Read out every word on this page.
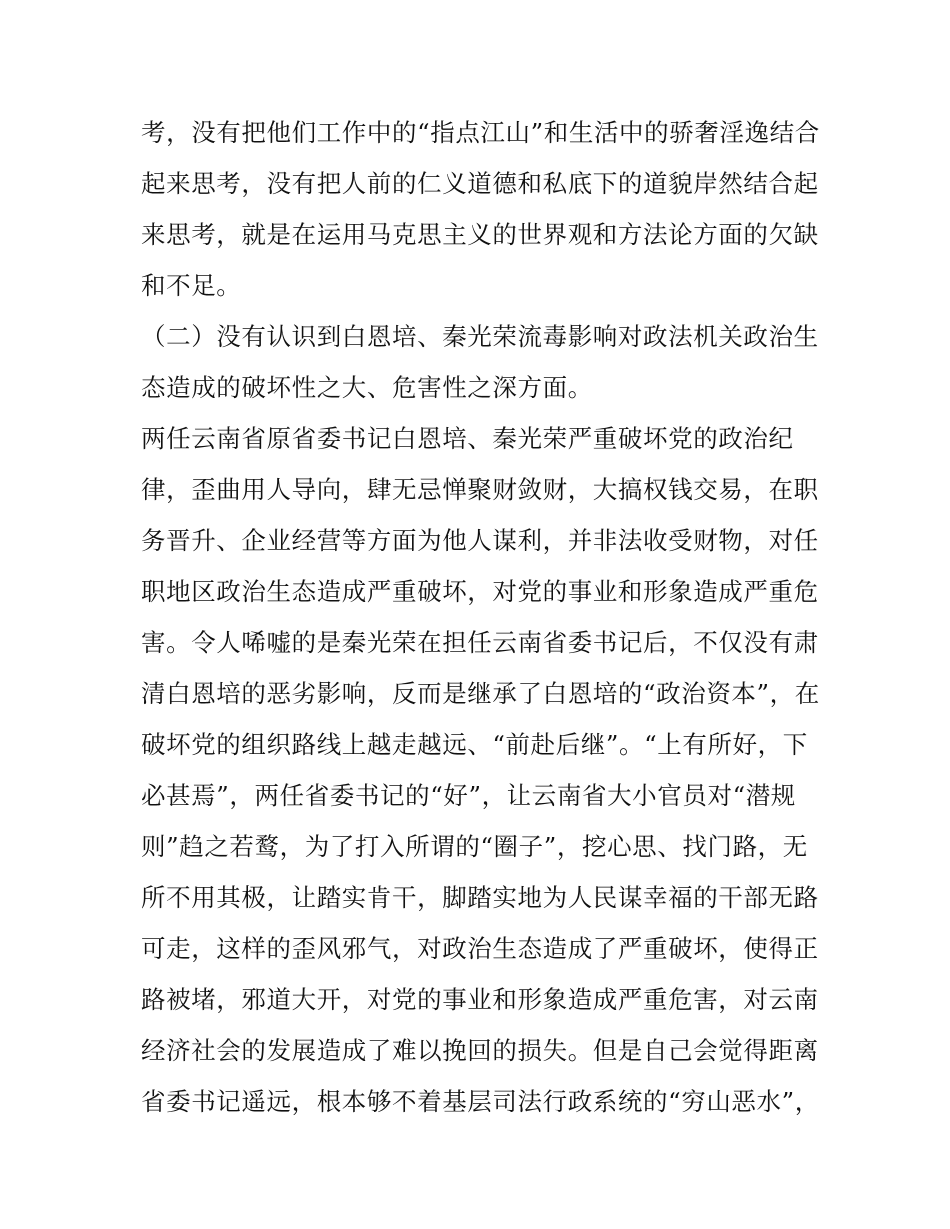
考，没有把他们工作中的“指点江山”和生活中的骄奢淫逸结合
起来思考，没有把人前的仁义道德和私底下的道貌岸然结合起
来思考，就是在运用马克思主义的世界观和方法论方面的欠缺
和不足。
（二）没有认识到白恩培、秦光荣流毒影响对政法机关政治生
态造成的破坏性之大、危害性之深方面。
两任云南省原省委书记白恩培、秦光荣严重破坏党的政治纪
律，歪曲用人导向，肆无忌惮聚财敛财，大搞权钱交易，在职
务晋升、企业经营等方面为他人谋利，并非法收受财物，对任
职地区政治生态造成严重破坏，对党的事业和形象造成严重危
害。令人唏嘘的是秦光荣在担任云南省委书记后，不仅没有肃
清白恩培的恶劣影响，反而是继承了白恩培的“政治资本”，在
破坏党的组织路线上越走越远、“前赴后继”。“上有所好，下
必甚焉”，两任省委书记的“好”，让云南省大小官员对“潜规
则”趋之若鹜，为了打入所谓的“圈子”，挖心思、找门路，无
所不用其极，让踏实肯干，脚踏实地为人民谋幸福的干部无路
可走，这样的歪风邪气，对政治生态造成了严重破坏，使得正
路被堵，邪道大开，对党的事业和形象造成严重危害，对云南
经济社会的发展造成了难以挽回的损失。但是自己会觉得距离
省委书记遥远，根本够不着基层司法行政系统的“穷山恶水”，
